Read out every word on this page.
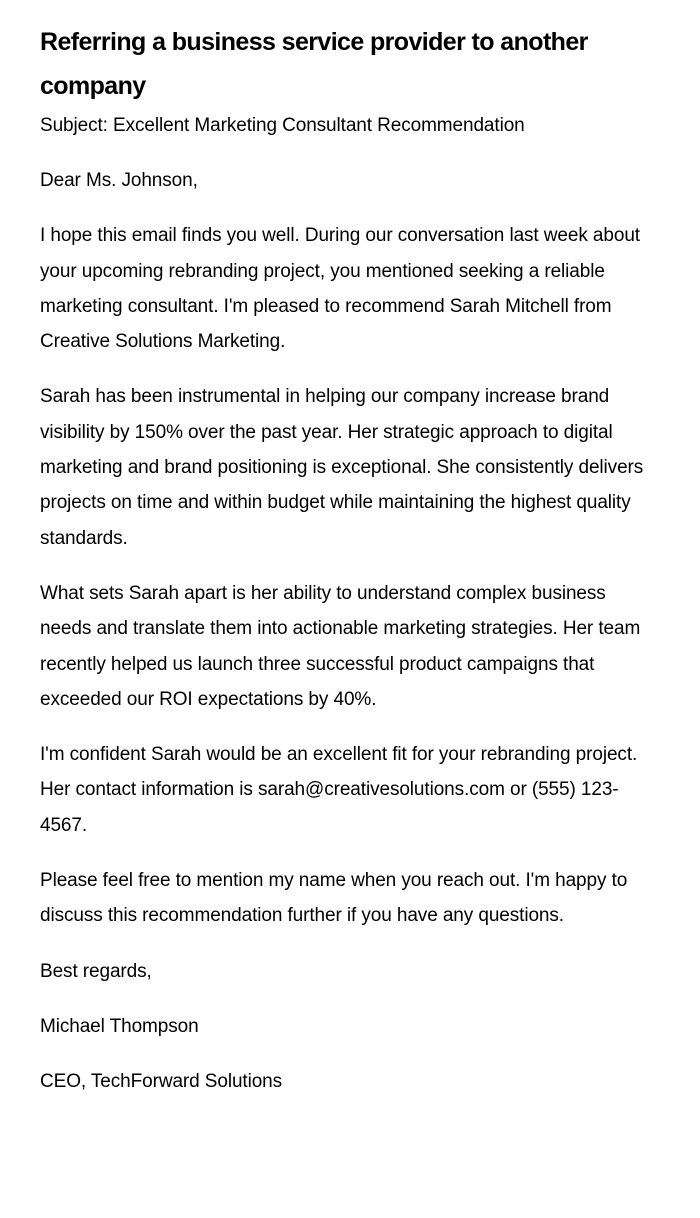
Referring a business service provider to another company

Subject: Excellent Marketing Consultant Recommendation

Dear Ms. Johnson,

I hope this email finds you well. During our conversation last week about your upcoming rebranding project, you mentioned seeking a reliable marketing consultant. I'm pleased to recommend Sarah Mitchell from Creative Solutions Marketing.

Sarah has been instrumental in helping our company increase brand visibility by 150% over the past year. Her strategic approach to digital marketing and brand positioning is exceptional. She consistently delivers projects on time and within budget while maintaining the highest quality standards.

What sets Sarah apart is her ability to understand complex business needs and translate them into actionable marketing strategies. Her team recently helped us launch three successful product campaigns that exceeded our ROI expectations by 40%.

I'm confident Sarah would be an excellent fit for your rebranding project. Her contact information is sarah@creativesolutions.com or (555) 123-4567.

Please feel free to mention my name when you reach out. I'm happy to discuss this recommendation further if you have any questions.

Best regards,

Michael Thompson

CEO, TechForward Solutions
